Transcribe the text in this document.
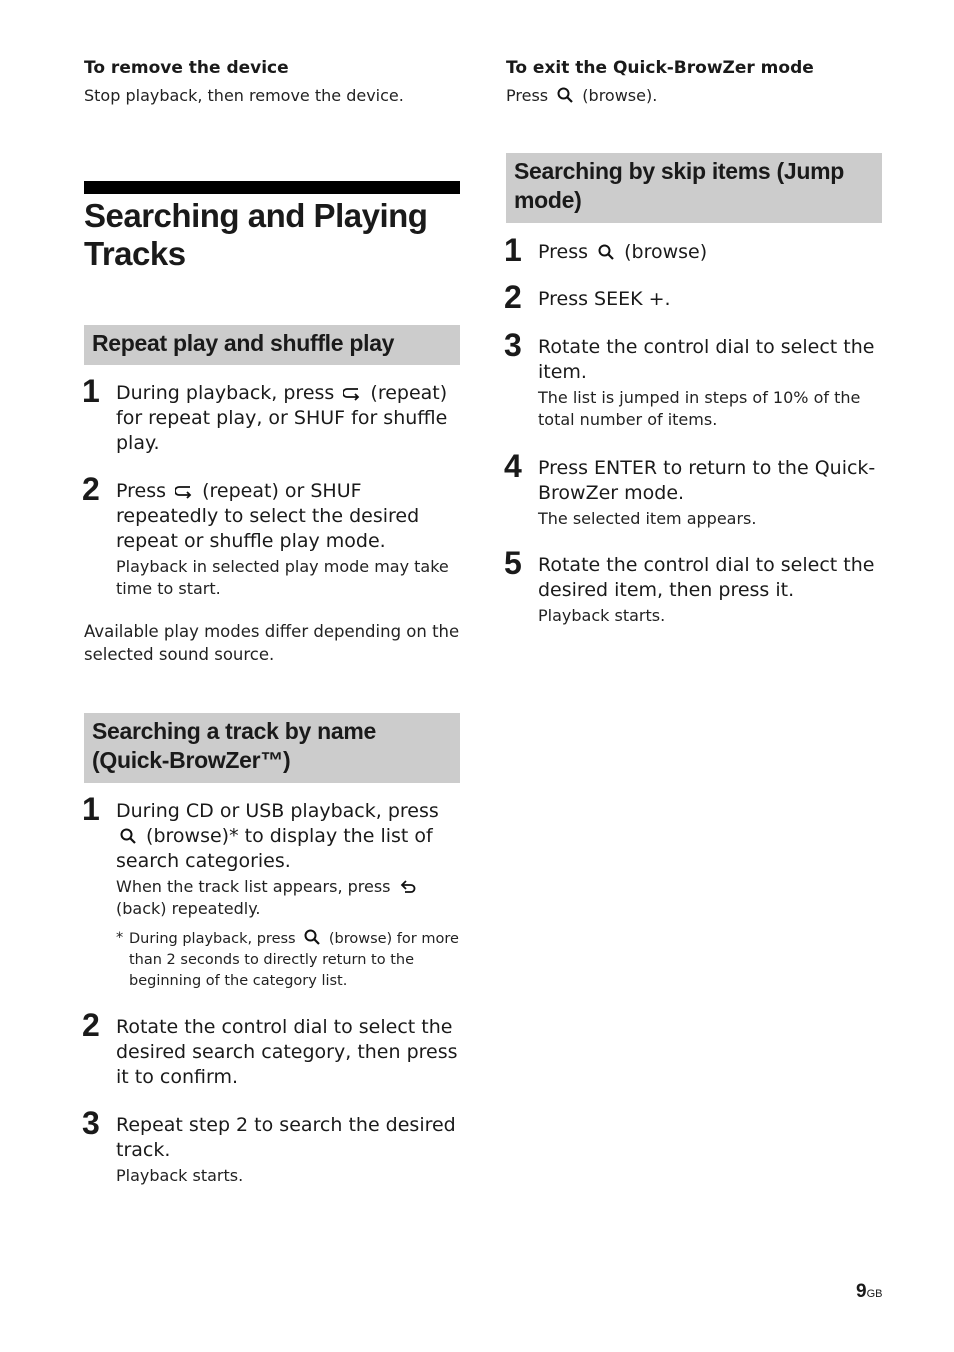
To remove the device
Stop playback, then remove the device.
Searching and Playing Tracks
Repeat play and shuffle play
1 During playback, press (repeat) for repeat play, or SHUF for shuffle play.
2 Press (repeat) or SHUF repeatedly to select the desired repeat or shuffle play mode.
Playback in selected play mode may take time to start.
Available play modes differ depending on the selected sound source.
Searching a track by name (Quick-BrowZer™)
1 During CD or USB playback, press  (browse)* to display the list of search categories.
When the track list appears, press  (back) repeatedly.
* During playback, press (browse) for more than 2 seconds to directly return to the beginning of the category list.
2 Rotate the control dial to select the desired search category, then press it to confirm.
3 Repeat step 2 to search the desired track.
Playback starts.
To exit the Quick-BrowZer mode
Press (browse).
Searching by skip items (Jump mode)
1 Press (browse)
2 Press SEEK +.
3 Rotate the control dial to select the item.
The list is jumped in steps of 10% of the total number of items.
4 Press ENTER to return to the Quick-BrowZer mode.
The selected item appears.
5 Rotate the control dial to select the desired item, then press it.
Playback starts.
9GB
